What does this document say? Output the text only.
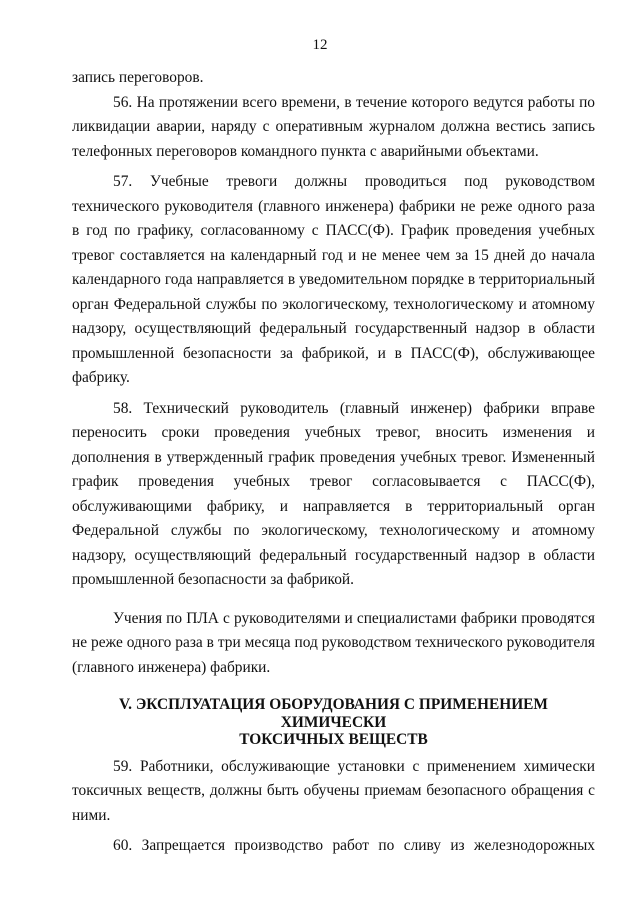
12

запись переговоров.

56. На протяжении всего времени, в течение которого ведутся работы по ликвидации аварии, наряду с оперативным журналом должна вестись запись телефонных переговоров командного пункта с аварийными объектами.

57. Учебные тревоги должны проводиться под руководством технического руководителя (главного инженера) фабрики не реже одного раза в год по графику, согласованному с ПАСС(Ф). График проведения учебных тревог составляется на календарный год и не менее чем за 15 дней до начала календарного года направляется в уведомительном порядке в территориальный орган Федеральной службы по экологическому, технологическому и атомному надзору, осуществляющий федеральный государственный надзор в области промышленной безопасности за фабрикой, и в ПАСС(Ф), обслуживающее фабрику.

58. Технический руководитель (главный инженер) фабрики вправе переносить сроки проведения учебных тревог, вносить изменения и дополнения в утвержденный график проведения учебных тревог. Измененный график проведения учебных тревог согласовывается с ПАСС(Ф), обслуживающими фабрику, и направляется в территориальный орган Федеральной службы по экологическому, технологическому и атомному надзору, осуществляющий федеральный государственный надзор в области промышленной безопасности за фабрикой.

Учения по ПЛА с руководителями и специалистами фабрики проводятся не реже одного раза в три месяца под руководством технического руководителя (главного инженера) фабрики.

V. ЭКСПЛУАТАЦИЯ ОБОРУДОВАНИЯ С ПРИМЕНЕНИЕМ ХИМИЧЕСКИ
ТОКСИЧНЫХ ВЕЩЕСТВ

59. Работники, обслуживающие установки с применением химически токсичных веществ, должны быть обучены приемам безопасного обращения с ними.

60. Запрещается производство работ по сливу из железнодорожных
